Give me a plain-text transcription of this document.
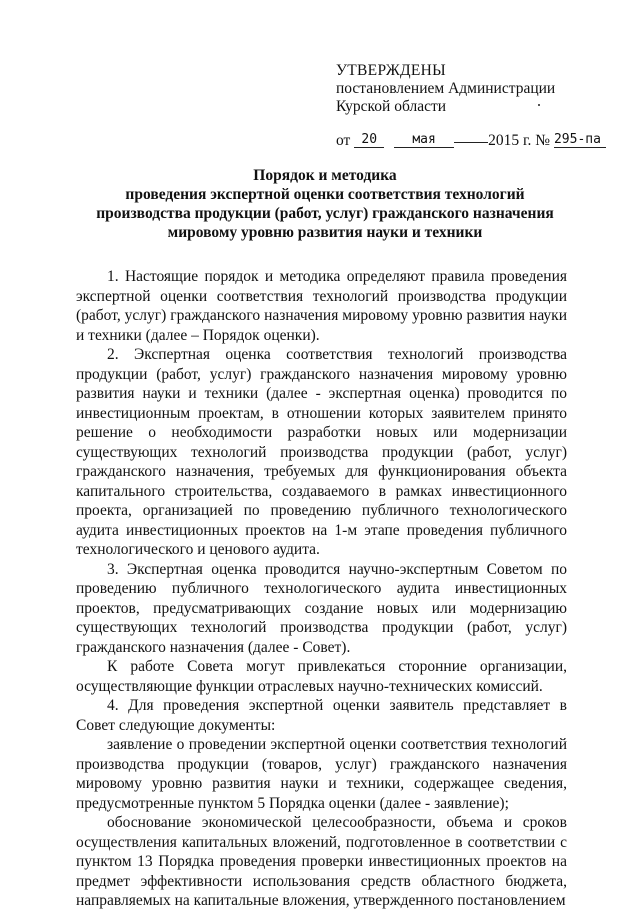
УТВЕРЖДЕНЫ
постановлением Администрации
Курской области
от 20	мая	2015 г. № 295-па
Порядок и методика
проведения экспертной оценки соответствия технологий
производства продукции (работ, услуг) гражданского назначения
мировому уровню развития науки и техники

1. Настоящие порядок и методика определяют правила проведения экспертной оценки соответствия технологий производства продукции (работ, услуг) гражданского назначения мировому уровню развития науки и техники (далее – Порядок оценки).

2. Экспертная оценка соответствия технологий производства продукции (работ, услуг) гражданского назначения мировому уровню развития науки и техники (далее - экспертная оценка) проводится по инвестиционным проектам, в отношении которых заявителем принято решение о необходимости разработки новых или модернизации существующих технологий производства продукции (работ, услуг) гражданского назначения, требуемых для функционирования объекта капитального строительства, создаваемого в рамках инвестиционного проекта, организацией по проведению публичного технологического аудита инвестиционных проектов на 1-м этапе проведения публичного технологического и ценового аудита.

3. Экспертная оценка проводится научно-экспертным Советом по проведению публичного технологического аудита инвестиционных проектов, предусматривающих создание новых или модернизацию существующих технологий производства продукции (работ, услуг) гражданского назначения (далее - Совет).

К работе Совета могут привлекаться сторонние организации, осуществляющие функции отраслевых научно-технических комиссий.

4. Для проведения экспертной оценки заявитель представляет в Совет следующие документы:

заявление о проведении экспертной оценки соответствия технологий производства продукции (товаров, услуг) гражданского назначения мировому уровню развития науки и техники, содержащее сведения, предусмотренные пунктом 5 Порядка оценки (далее - заявление);

обоснование экономической целесообразности, объема и сроков осуществления капитальных вложений, подготовленное в соответствии с пунктом 13 Порядка проведения проверки инвестиционных проектов на предмет эффективности использования средств областного бюджета, направляемых на капитальные вложения, утвержденного постановлением
